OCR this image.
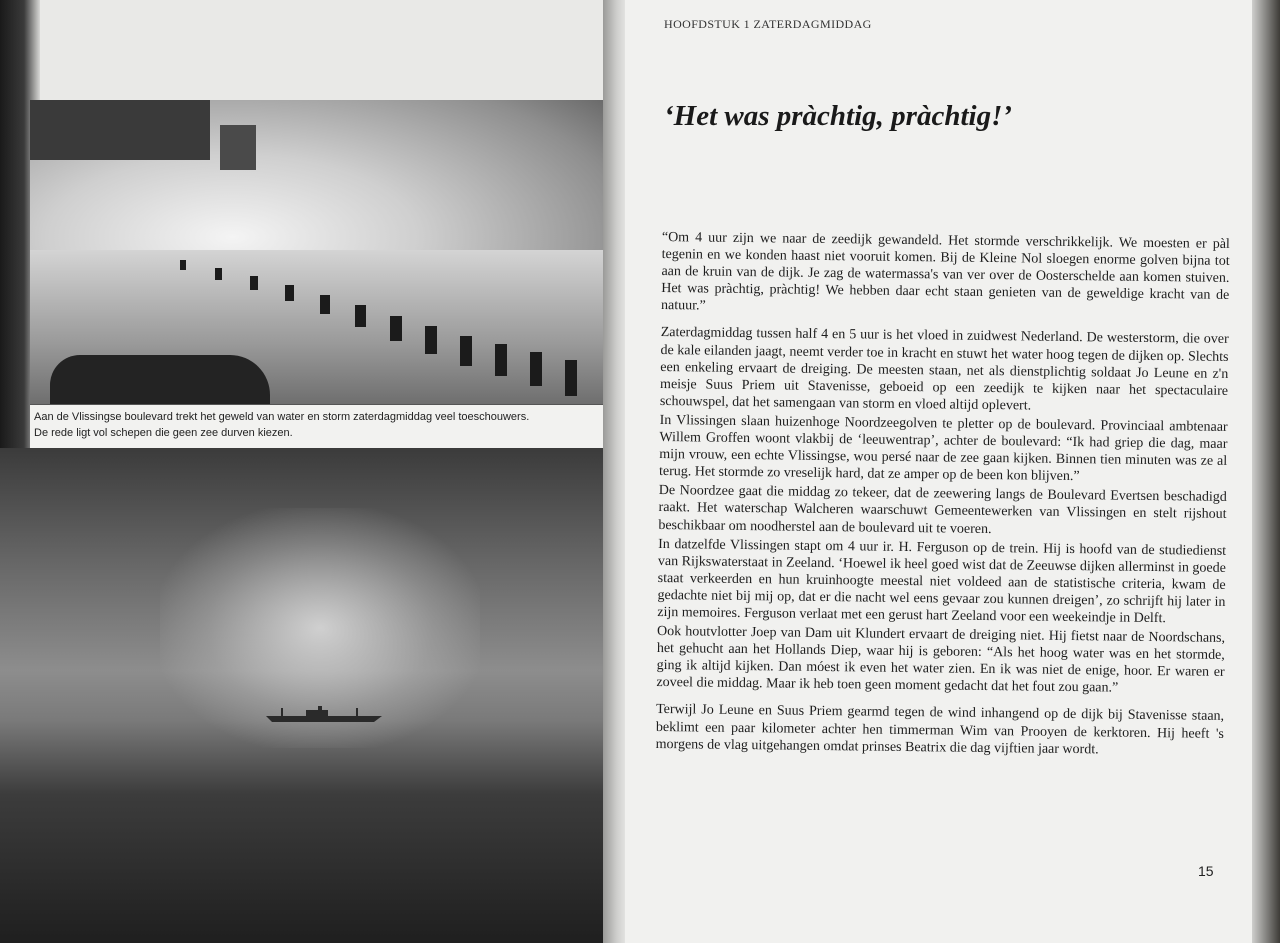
Aan de Vlissingse boulevard trekt het geweld van water en storm zaterdagmiddag veel toeschouwers.
De rede ligt vol schepen die geen zee durven kiezen.
HOOFDSTUK 1 ZATERDAGMIDDAG
‘Het was pràchtig, pràchtig!’

“Om 4 uur zijn we naar de zeedijk gewandeld. Het stormde verschrikkelijk. We moesten er pàl tegenin en we konden haast niet vooruit komen. Bij de Kleine Nol sloegen enorme golven bijna tot aan de kruin van de dijk. Je zag de watermassa's van ver over de Oosterschelde aan komen stuiven. Het was pràchtig, pràchtig! We hebben daar echt staan genieten van de geweldige kracht van de natuur.”

Zaterdagmiddag tussen half 4 en 5 uur is het vloed in zuidwest Nederland. De westerstorm, die over de kale eilanden jaagt, neemt verder toe in kracht en stuwt het water hoog tegen de dijken op. Slechts een enkeling ervaart de dreiging. De meesten staan, net als dienstplichtig soldaat Jo Leune en z'n meisje Suus Priem uit Stavenisse, geboeid op een zeedijk te kijken naar het spectaculaire schouwspel, dat het samengaan van storm en vloed altijd oplevert.

In Vlissingen slaan huizenhoge Noordzeegolven te pletter op de boulevard. Provinciaal ambtenaar Willem Groffen woont vlakbij de ‘leeuwentrap’, achter de boulevard: “Ik had griep die dag, maar mijn vrouw, een echte Vlissingse, wou persé naar de zee gaan kijken. Binnen tien minuten was ze al terug. Het stormde zo vreselijk hard, dat ze amper op de been kon blijven.”

De Noordzee gaat die middag zo tekeer, dat de zeewering langs de Boulevard Evertsen beschadigd raakt. Het waterschap Walcheren waarschuwt Gemeentewerken van Vlissingen en stelt rijshout beschikbaar om noodherstel aan de boulevard uit te voeren.

In datzelfde Vlissingen stapt om 4 uur ir. H. Ferguson op de trein. Hij is hoofd van de studiedienst van Rijkswaterstaat in Zeeland. ‘Hoewel ik heel goed wist dat de Zeeuwse dijken allerminst in goede staat verkeerden en hun kruinhoogte meestal niet voldeed aan de statistische criteria, kwam de gedachte niet bij mij op, dat er die nacht wel eens gevaar zou kunnen dreigen’, zo schrijft hij later in zijn memoires. Ferguson verlaat met een gerust hart Zeeland voor een weekeindje in Delft.

Ook houtvlotter Joep van Dam uit Klundert ervaart de dreiging niet. Hij fietst naar de Noordschans, het gehucht aan het Hollands Diep, waar hij is geboren: “Als het hoog water was en het stormde, ging ik altijd kijken. Dan móest ik even het water zien. En ik was niet de enige, hoor. Er waren er zoveel die middag. Maar ik heb toen geen moment gedacht dat het fout zou gaan.”

Terwijl Jo Leune en Suus Priem gearmd tegen de wind inhangend op de dijk bij Stavenisse staan, beklimt een paar kilometer achter hen timmerman Wim van Prooyen de kerktoren. Hij heeft 's morgens de vlag uitgehangen omdat prinses Beatrix die dag vijftien jaar wordt.

15
